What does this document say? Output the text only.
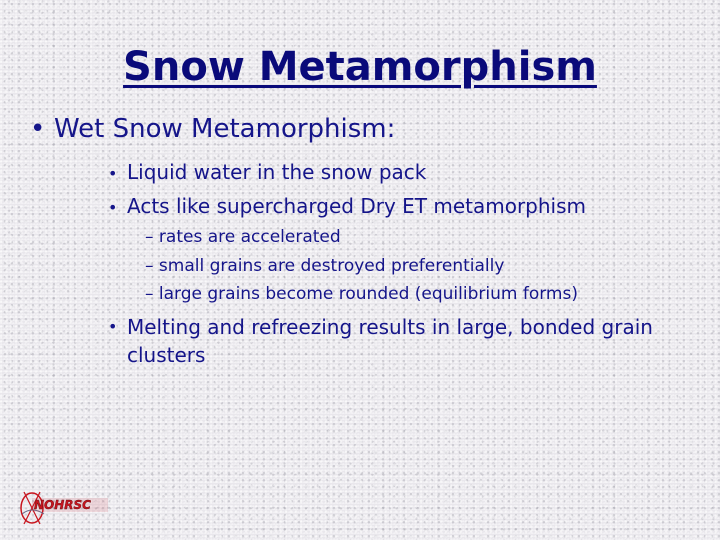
Snow Metamorphism

• Wet Snow Metamorphism:

• Liquid water in the snow pack

• Acts like supercharged Dry ET metamorphism

– rates are accelerated

– small grains are destroyed preferentially

– large grains become rounded (equilibrium forms)

• Melting and refreezing results in large, bonded grain
clusters
NOHRSC
